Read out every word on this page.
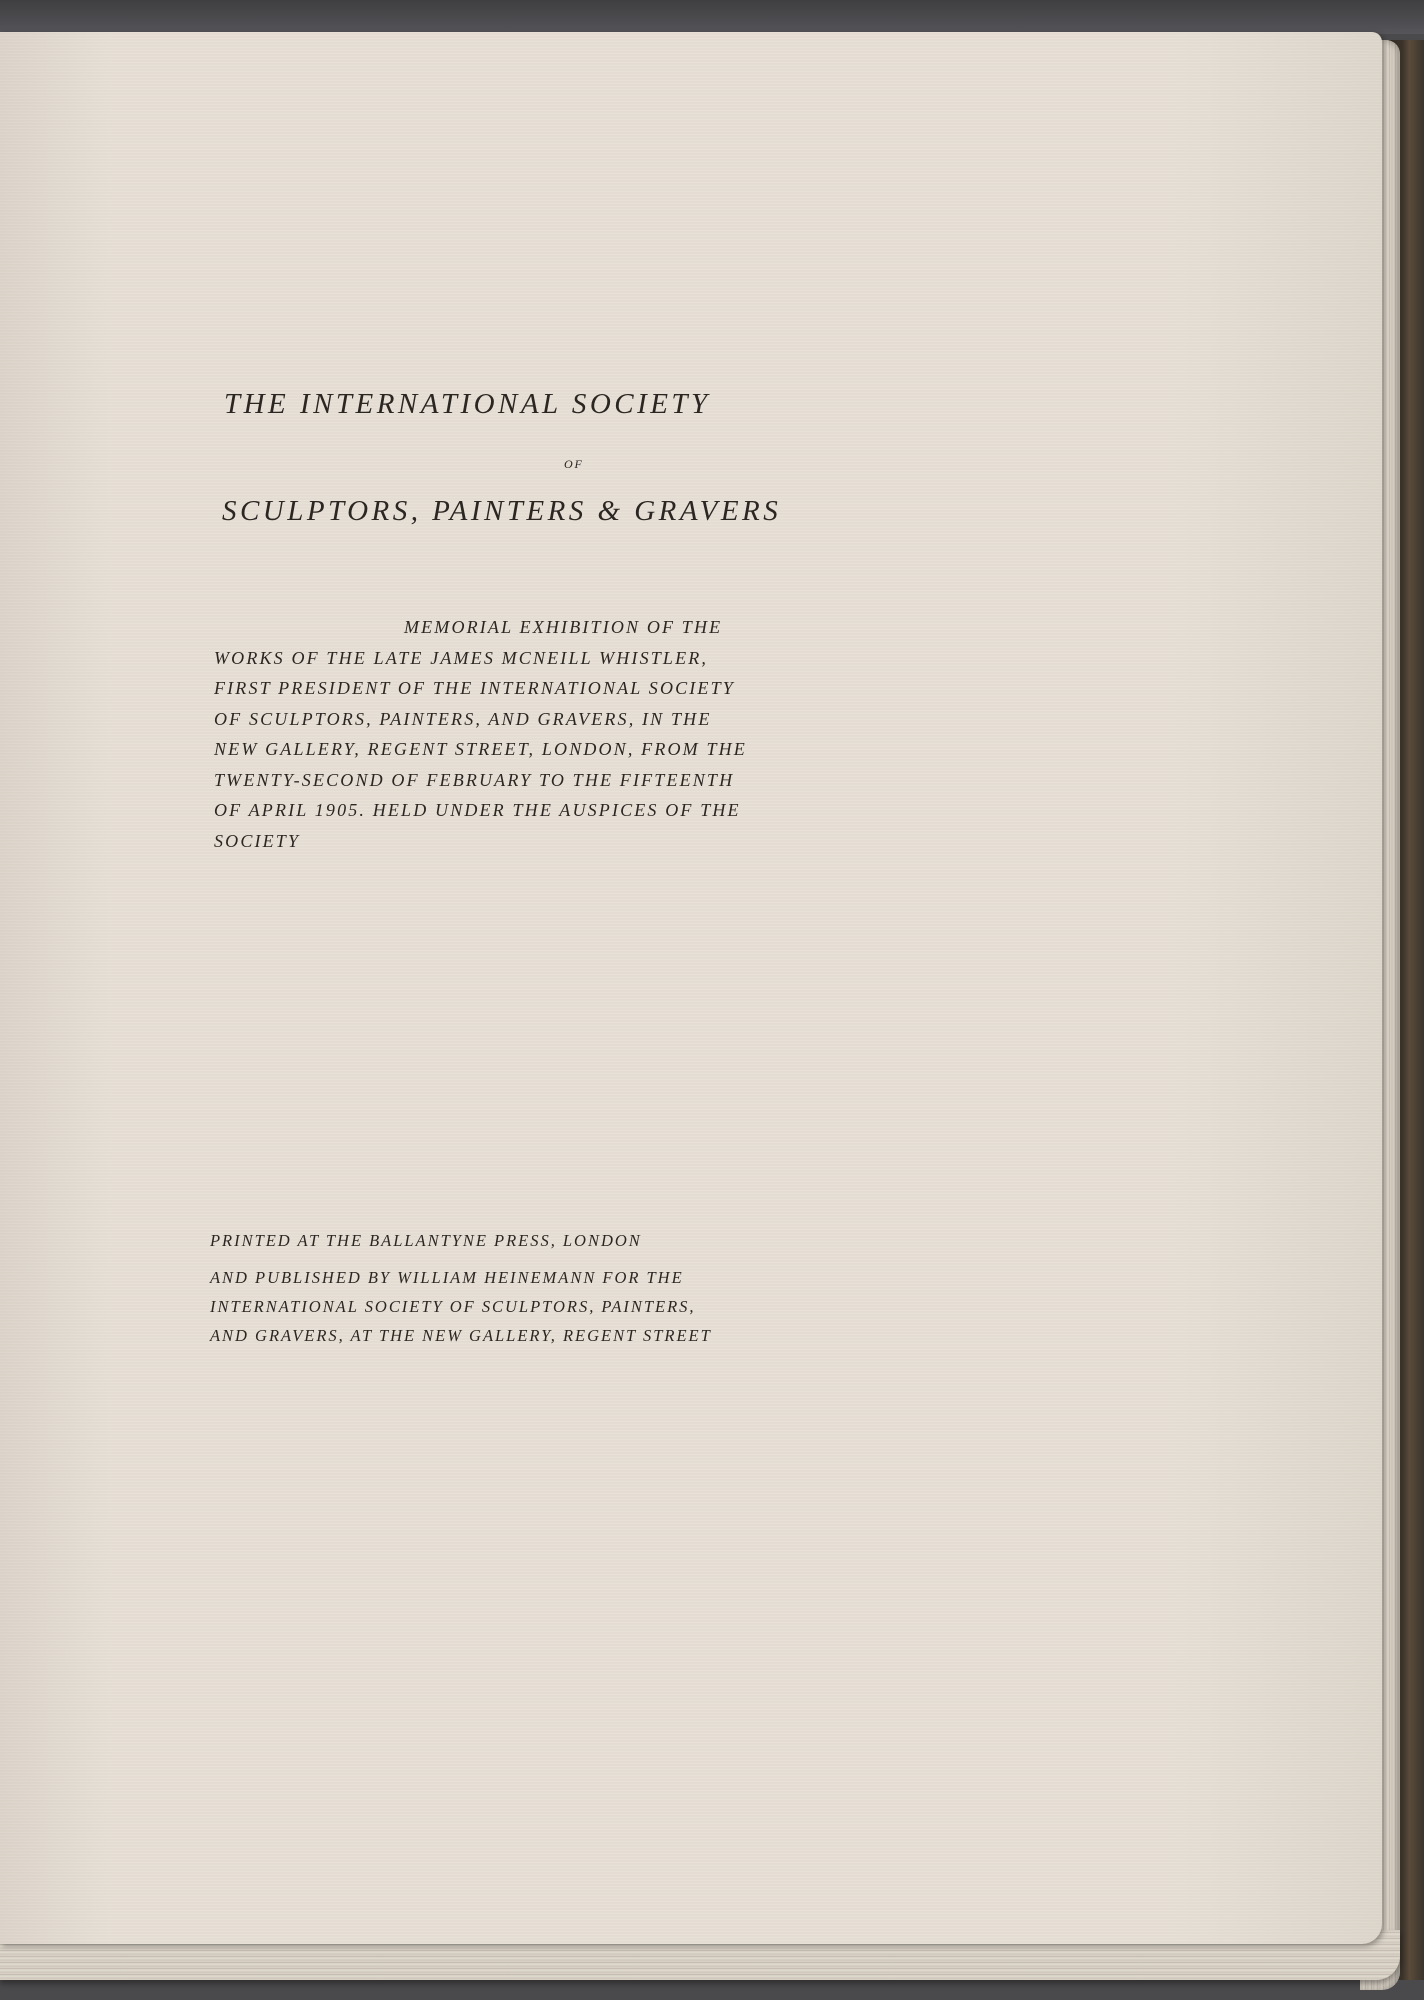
THE INTERNATIONAL SOCIETY
OF
SCULPTORS, PAINTERS & GRAVERS
MEMORIAL EXHIBITION OF THE
WORKS OF THE LATE JAMES MCNEILL WHISTLER,
FIRST PRESIDENT OF THE INTERNATIONAL SOCIETY
OF SCULPTORS, PAINTERS, AND GRAVERS, IN THE
NEW GALLERY, REGENT STREET, LONDON, FROM THE
TWENTY-SECOND OF FEBRUARY TO THE FIFTEENTH
OF APRIL 1905. HELD UNDER THE AUSPICES OF THE
SOCIETY
PRINTED AT THE BALLANTYNE PRESS, LONDON
AND PUBLISHED BY WILLIAM HEINEMANN FOR THE
INTERNATIONAL SOCIETY OF SCULPTORS, PAINTERS,
AND GRAVERS, AT THE NEW GALLERY, REGENT STREET
